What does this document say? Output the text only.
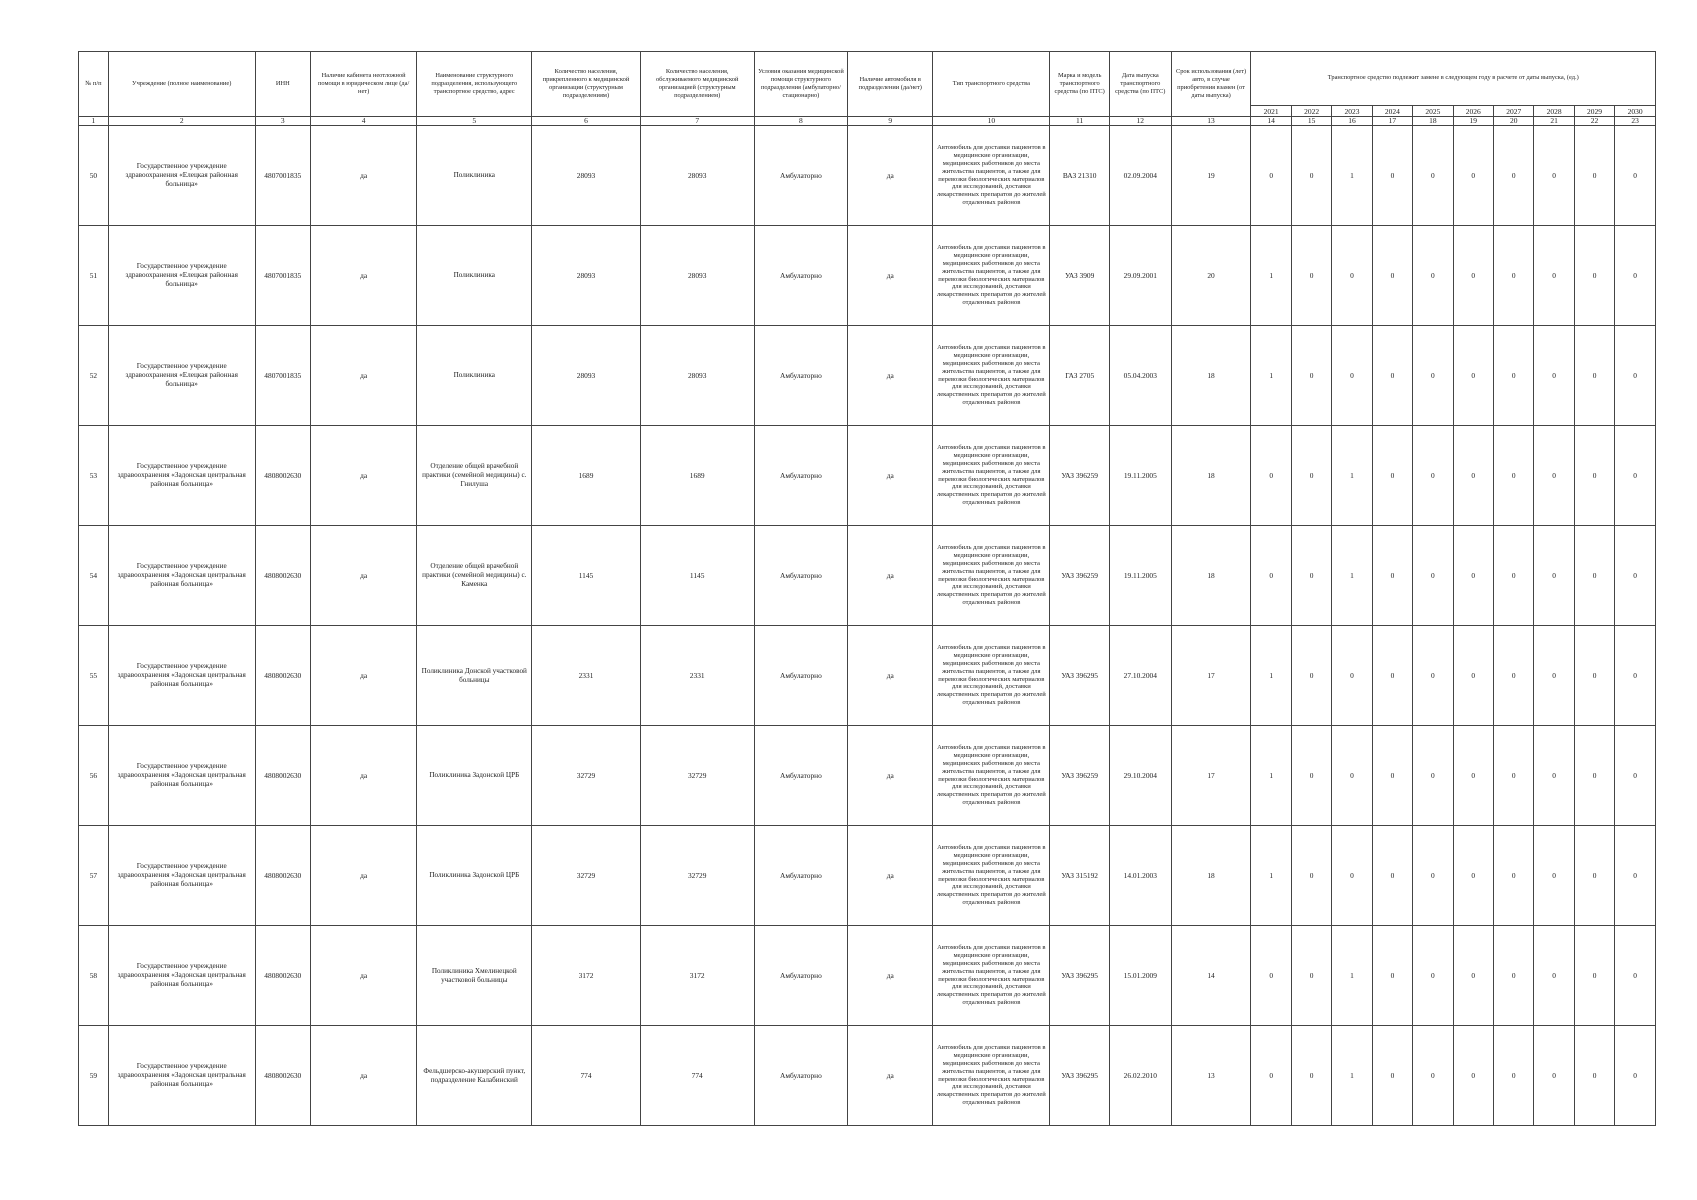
№ п/п	Учреждение (полное наименование)	ИНН	Наличие кабинета неотложной помощи в юридическом лице (да/нет)	Наименование структурного подразделения, использующего транспортное средство, адрес	Количество населения, прикрепленного к медицинской организации (структурным подразделениям)	Количество населения, обслуживаемого медицинской организацией (структурным подразделением)	Условия оказания медицинской помощи структурного подразделения (амбулаторно/ стационарно)	Наличие автомобиля в подразделении (да/нет)	Тип транспортного средства	Марка и модель транспортного средства (по ПТС)	Дата выпуска транспортного средства (по ПТС)	Срок использования (лет) авто, в случае приобретения взамен (от даты выпуска)	Транспортное средство подлежит замене в следующем году в расчете от даты выпуска, (ед.)									
													2021	2022	2023	2024	2025	2026	2027	2028	2029	2030
1	2	3	4	5	6	7	8	9	10	11	12	13	14	15	16	17	18	19	20	21	22	23
50	Государственное учреждение здравоохранения «Елецкая районная больница»	4807001835	да	Поликлиника	28093	28093	Амбулаторно	да	Автомобиль для доставки пациентов в медицинские организации, медицинских работников до места жительства пациентов, а также для перевозки биологических материалов для исследований, доставки лекарственных препаратов до жителей отдаленных районов	ВАЗ 21310	02.09.2004	19	0	0	1	0	0	0	0	0	0	0
51	Государственное учреждение здравоохранения «Елецкая районная больница»	4807001835	да	Поликлиника	28093	28093	Амбулаторно	да	Автомобиль для доставки пациентов в медицинские организации, медицинских работников до места жительства пациентов, а также для перевозки биологических материалов для исследований, доставки лекарственных препаратов до жителей отдаленных районов	УАЗ 3909	29.09.2001	20	1	0	0	0	0	0	0	0	0	0
52	Государственное учреждение здравоохранения «Елецкая районная больница»	4807001835	да	Поликлиника	28093	28093	Амбулаторно	да	Автомобиль для доставки пациентов в медицинские организации, медицинских работников до места жительства пациентов, а также для перевозки биологических материалов для исследований, доставки лекарственных препаратов до жителей отдаленных районов	ГАЗ 2705	05.04.2003	18	1	0	0	0	0	0	0	0	0	0
53	Государственное учреждение здравоохранения «Задонская центральная районная больница»	4808002630	да	Отделение общей врачебной практики (семейной медицины) с. Гнилуша	1689	1689	Амбулаторно	да	Автомобиль для доставки пациентов в медицинские организации, медицинских работников до места жительства пациентов, а также для перевозки биологических материалов для исследований, доставки лекарственных препаратов до жителей отдаленных районов	УАЗ 396259	19.11.2005	18	0	0	1	0	0	0	0	0	0	0
54	Государственное учреждение здравоохранения «Задонская центральная районная больница»	4808002630	да	Отделение общей врачебной практики (семейной медицины) с. Каменка	1145	1145	Амбулаторно	да	Автомобиль для доставки пациентов в медицинские организации, медицинских работников до места жительства пациентов, а также для перевозки биологических материалов для исследований, доставки лекарственных препаратов до жителей отдаленных районов	УАЗ 396259	19.11.2005	18	0	0	1	0	0	0	0	0	0	0
55	Государственное учреждение здравоохранения «Задонская центральная районная больница»	4808002630	да	Поликлиника Донской участковой больницы	2331	2331	Амбулаторно	да	Автомобиль для доставки пациентов в медицинские организации, медицинских работников до места жительства пациентов, а также для перевозки биологических материалов для исследований, доставки лекарственных препаратов до жителей отдаленных районов	УАЗ 396295	27.10.2004	17	1	0	0	0	0	0	0	0	0	0
56	Государственное учреждение здравоохранения «Задонская центральная районная больница»	4808002630	да	Поликлиника Задонской ЦРБ	32729	32729	Амбулаторно	да	Автомобиль для доставки пациентов в медицинские организации, медицинских работников до места жительства пациентов, а также для перевозки биологических материалов для исследований, доставки лекарственных препаратов до жителей отдаленных районов	УАЗ 396259	29.10.2004	17	1	0	0	0	0	0	0	0	0	0
57	Государственное учреждение здравоохранения «Задонская центральная районная больница»	4808002630	да	Поликлиника Задонской ЦРБ	32729	32729	Амбулаторно	да	Автомобиль для доставки пациентов в медицинские организации, медицинских работников до места жительства пациентов, а также для перевозки биологических материалов для исследований, доставки лекарственных препаратов до жителей отдаленных районов	УАЗ 315192	14.01.2003	18	1	0	0	0	0	0	0	0	0	0
58	Государственное учреждение здравоохранения «Задонская центральная районная больница»	4808002630	да	Поликлиника Хмелинецкой участковой больницы	3172	3172	Амбулаторно	да	Автомобиль для доставки пациентов в медицинские организации, медицинских работников до места жительства пациентов, а также для перевозки биологических материалов для исследований, доставки лекарственных препаратов до жителей отдаленных районов	УАЗ 396295	15.01.2009	14	0	0	1	0	0	0	0	0	0	0
59	Государственное учреждение здравоохранения «Задонская центральная районная больница»	4808002630	да	Фельдшерско-акушерский пункт, подразделение Калабинский	774	774	Амбулаторно	да	Автомобиль для доставки пациентов в медицинские организации, медицинских работников до места жительства пациентов, а также для перевозки биологических материалов для исследований, доставки лекарственных препаратов до жителей отдаленных районов	УАЗ 396295	26.02.2010	13	0	0	1	0	0	0	0	0	0	0
